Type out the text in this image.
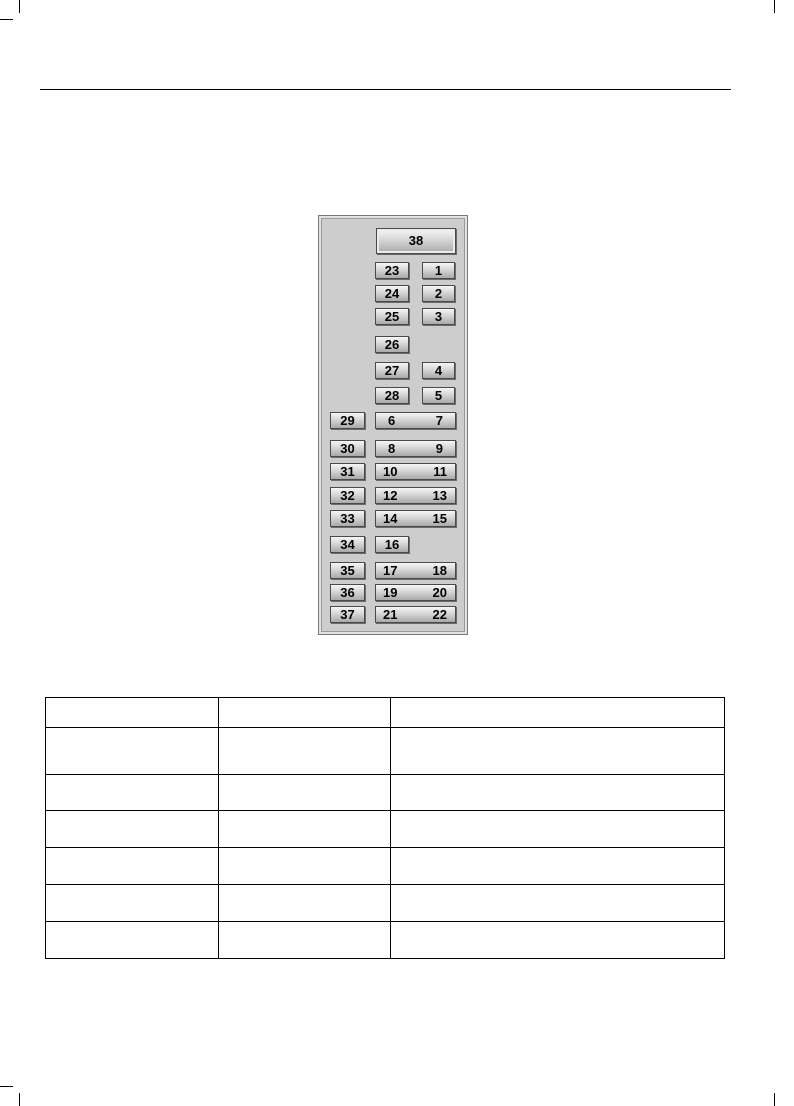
38
23	1
24	2
25	3
26
27	4
28	5
29	6	7
30	8	9
31	10	11
32	12	13
33	14	15
34	16
35	17	18
36	19	20
37	21	22
